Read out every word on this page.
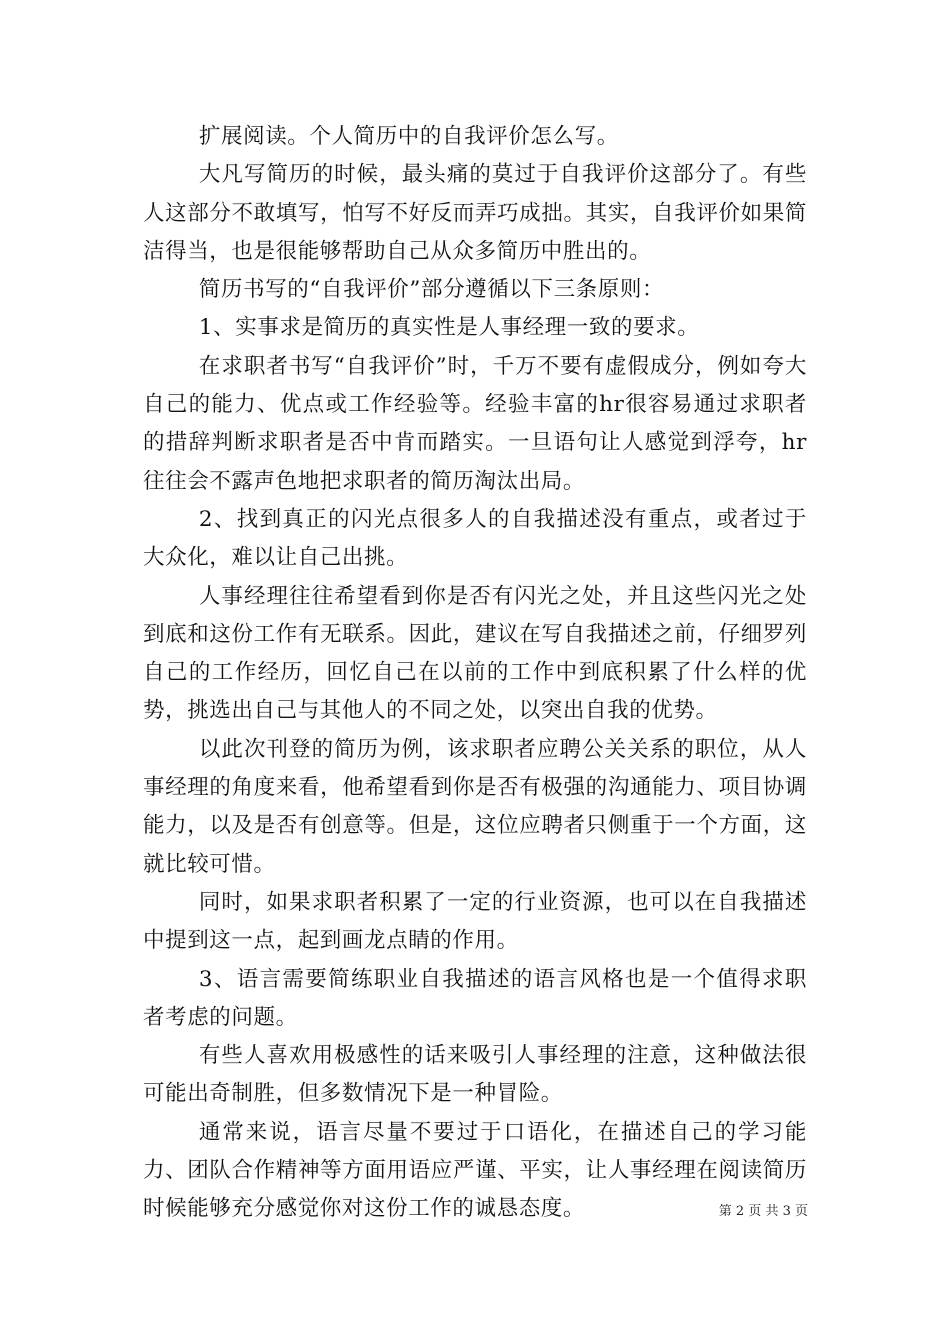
扩展阅读。个人简历中的自我评价怎么写。

大凡写简历的时候，最头痛的莫过于自我评价这部分了。有些人这部分不敢填写，怕写不好反而弄巧成拙。其实，自我评价如果简洁得当，也是很能够帮助自己从众多简历中胜出的。

简历书写的“自我评价”部分遵循以下三条原则：

1、实事求是简历的真实性是人事经理一致的要求。

在求职者书写“自我评价”时，千万不要有虚假成分，例如夸大自己的能力、优点或工作经验等。经验丰富的hr很容易通过求职者的措辞判断求职者是否中肯而踏实。一旦语句让人感觉到浮夸，hr往往会不露声色地把求职者的简历淘汰出局。

2、找到真正的闪光点很多人的自我描述没有重点，或者过于大众化，难以让自己出挑。

人事经理往往希望看到你是否有闪光之处，并且这些闪光之处到底和这份工作有无联系。因此，建议在写自我描述之前，仔细罗列自己的工作经历，回忆自己在以前的工作中到底积累了什么样的优势，挑选出自己与其他人的不同之处，以突出自我的优势。

以此次刊登的简历为例，该求职者应聘公关关系的职位，从人事经理的角度来看，他希望看到你是否有极强的沟通能力、项目协调能力，以及是否有创意等。但是，这位应聘者只侧重于一个方面，这就比较可惜。

同时，如果求职者积累了一定的行业资源，也可以在自我描述中提到这一点，起到画龙点睛的作用。

3、语言需要简练职业自我描述的语言风格也是一个值得求职者考虑的问题。

有些人喜欢用极感性的话来吸引人事经理的注意，这种做法很可能出奇制胜，但多数情况下是一种冒险。

通常来说，语言尽量不要过于口语化，在描述自己的学习能力、团队合作精神等方面用语应严谨、平实，让人事经理在阅读简历时候能够充分感觉你对这份工作的诚恳态度。	第 2 页 共 3 页
